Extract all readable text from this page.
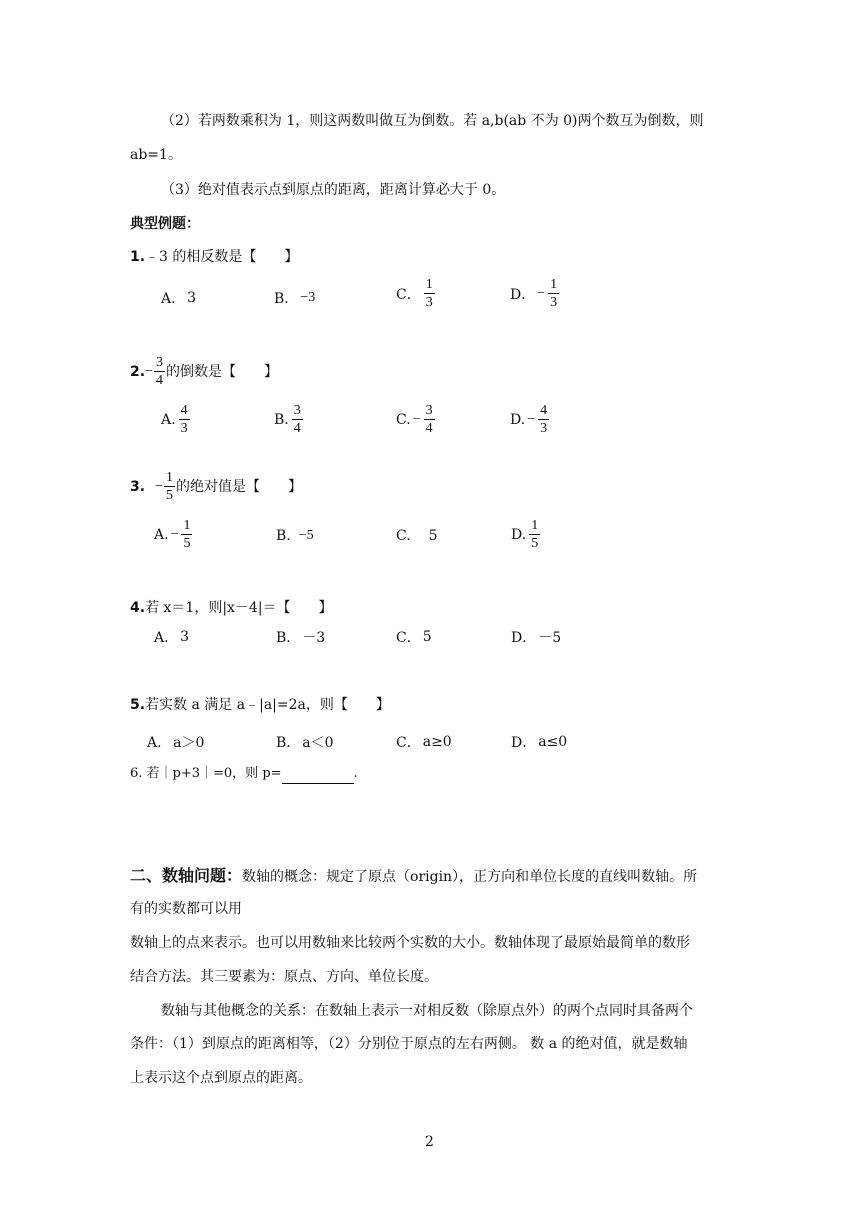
（2）若两数乘积为 1，则这两数叫做互为倒数。若 a,b(ab 不为 0)两个数互为倒数，则
ab=1。
（3）绝对值表示点到原点的距离，距离计算必大于 0。
典型例题：
1.﹣3 的相反数是【　　】
A． 3	B． −3	C． $\frac{1}{3}$	D． − $\frac{1}{3}$
2. − $\frac{3}{4}$ 的倒数是【　　】
A. $\frac{4}{3}$	B. $\frac{3}{4}$	C. − $\frac{3}{4}$	D. − $\frac{4}{3}$
3. − $\frac{1}{5}$ 的绝对值是【　　】
A. − $\frac{1}{5}$	B. −5	C. 5	D. $\frac{1}{5}$
4.若 x＝1，则|x－4|＝【　　】
A． 3	B． －3	C． 5	D． －5
5.若实数 a 满足 a﹣|a|=2a，则【　　】
A． a＞0	B． a＜0	C． a≥0	D． a≤0
6. 若｜p+3｜=0，则 p=	.
二、数轴问题：数轴的概念：规定了原点（origin），正方向和单位长度的直线叫数轴。所
有的实数都可以用
数轴上的点来表示。也可以用数轴来比较两个实数的大小。数轴体现了最原始最简单的数形
结合方法。其三要素为：原点、方向、单位长度。
数轴与其他概念的关系：在数轴上表示一对相反数（除原点外）的两个点同时具备两个
条件：（1）到原点的距离相等，（2）分别位于原点的左右两侧。 数 a 的绝对值，就是数轴
上表示这个点到原点的距离。
2
